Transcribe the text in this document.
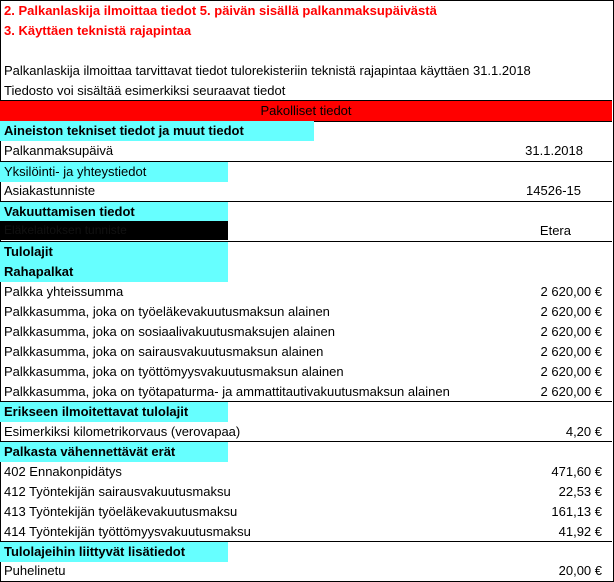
2. Palkanlaskija ilmoittaa tiedot 5. päivän sisällä palkanmaksupäivästä
3. Käyttäen teknistä rajapintaa
Palkanlaskija ilmoittaa tarvittavat tiedot tulorekisteriin teknistä rajapintaa käyttäen 31.1.2018
Tiedosto voi sisältää esimerkiksi seuraavat tiedot
Pakolliset tiedot
Aineiston tekniset tiedot ja muut tiedot
Palkanmaksupäivä	31.1.2018
Yksilöinti- ja yhteystiedot
Asiakastunniste	14526-15
Vakuuttamisen tiedot
Eläkelaitoksen tunniste	Etera
Tulolajit
Rahapalkat
Palkka yhteissumma	2 620,00 €
Palkkasumma, joka on työeläkevakuutusmaksun alainen	2 620,00 €
Palkkasumma, joka on sosiaalivakuutusmaksujen alainen	2 620,00 €
Palkkasumma, joka on sairausvakuutusmaksun alainen	2 620,00 €
Palkkasumma, joka on työttömyysvakuutusmaksun alainen	2 620,00 €
Palkkasumma, joka on työtapaturma- ja ammattitautivakuutusmaksun alainen	2 620,00 €
Erikseen ilmoitettavat tulolajit
Esimerkiksi kilometrikorvaus (verovapaa)	4,20 €
Palkasta vähennettävät erät
402 Ennakonpidätys	471,60 €
412 Työntekijän sairausvakuutusmaksu	22,53 €
413 Työntekijän työeläkevakuutusmaksu	161,13 €
414 Työntekijän työttömyysvakuutusmaksu	41,92 €
Tulolajeihin liittyvät lisätiedot
Puhelinetu	20,00 €
